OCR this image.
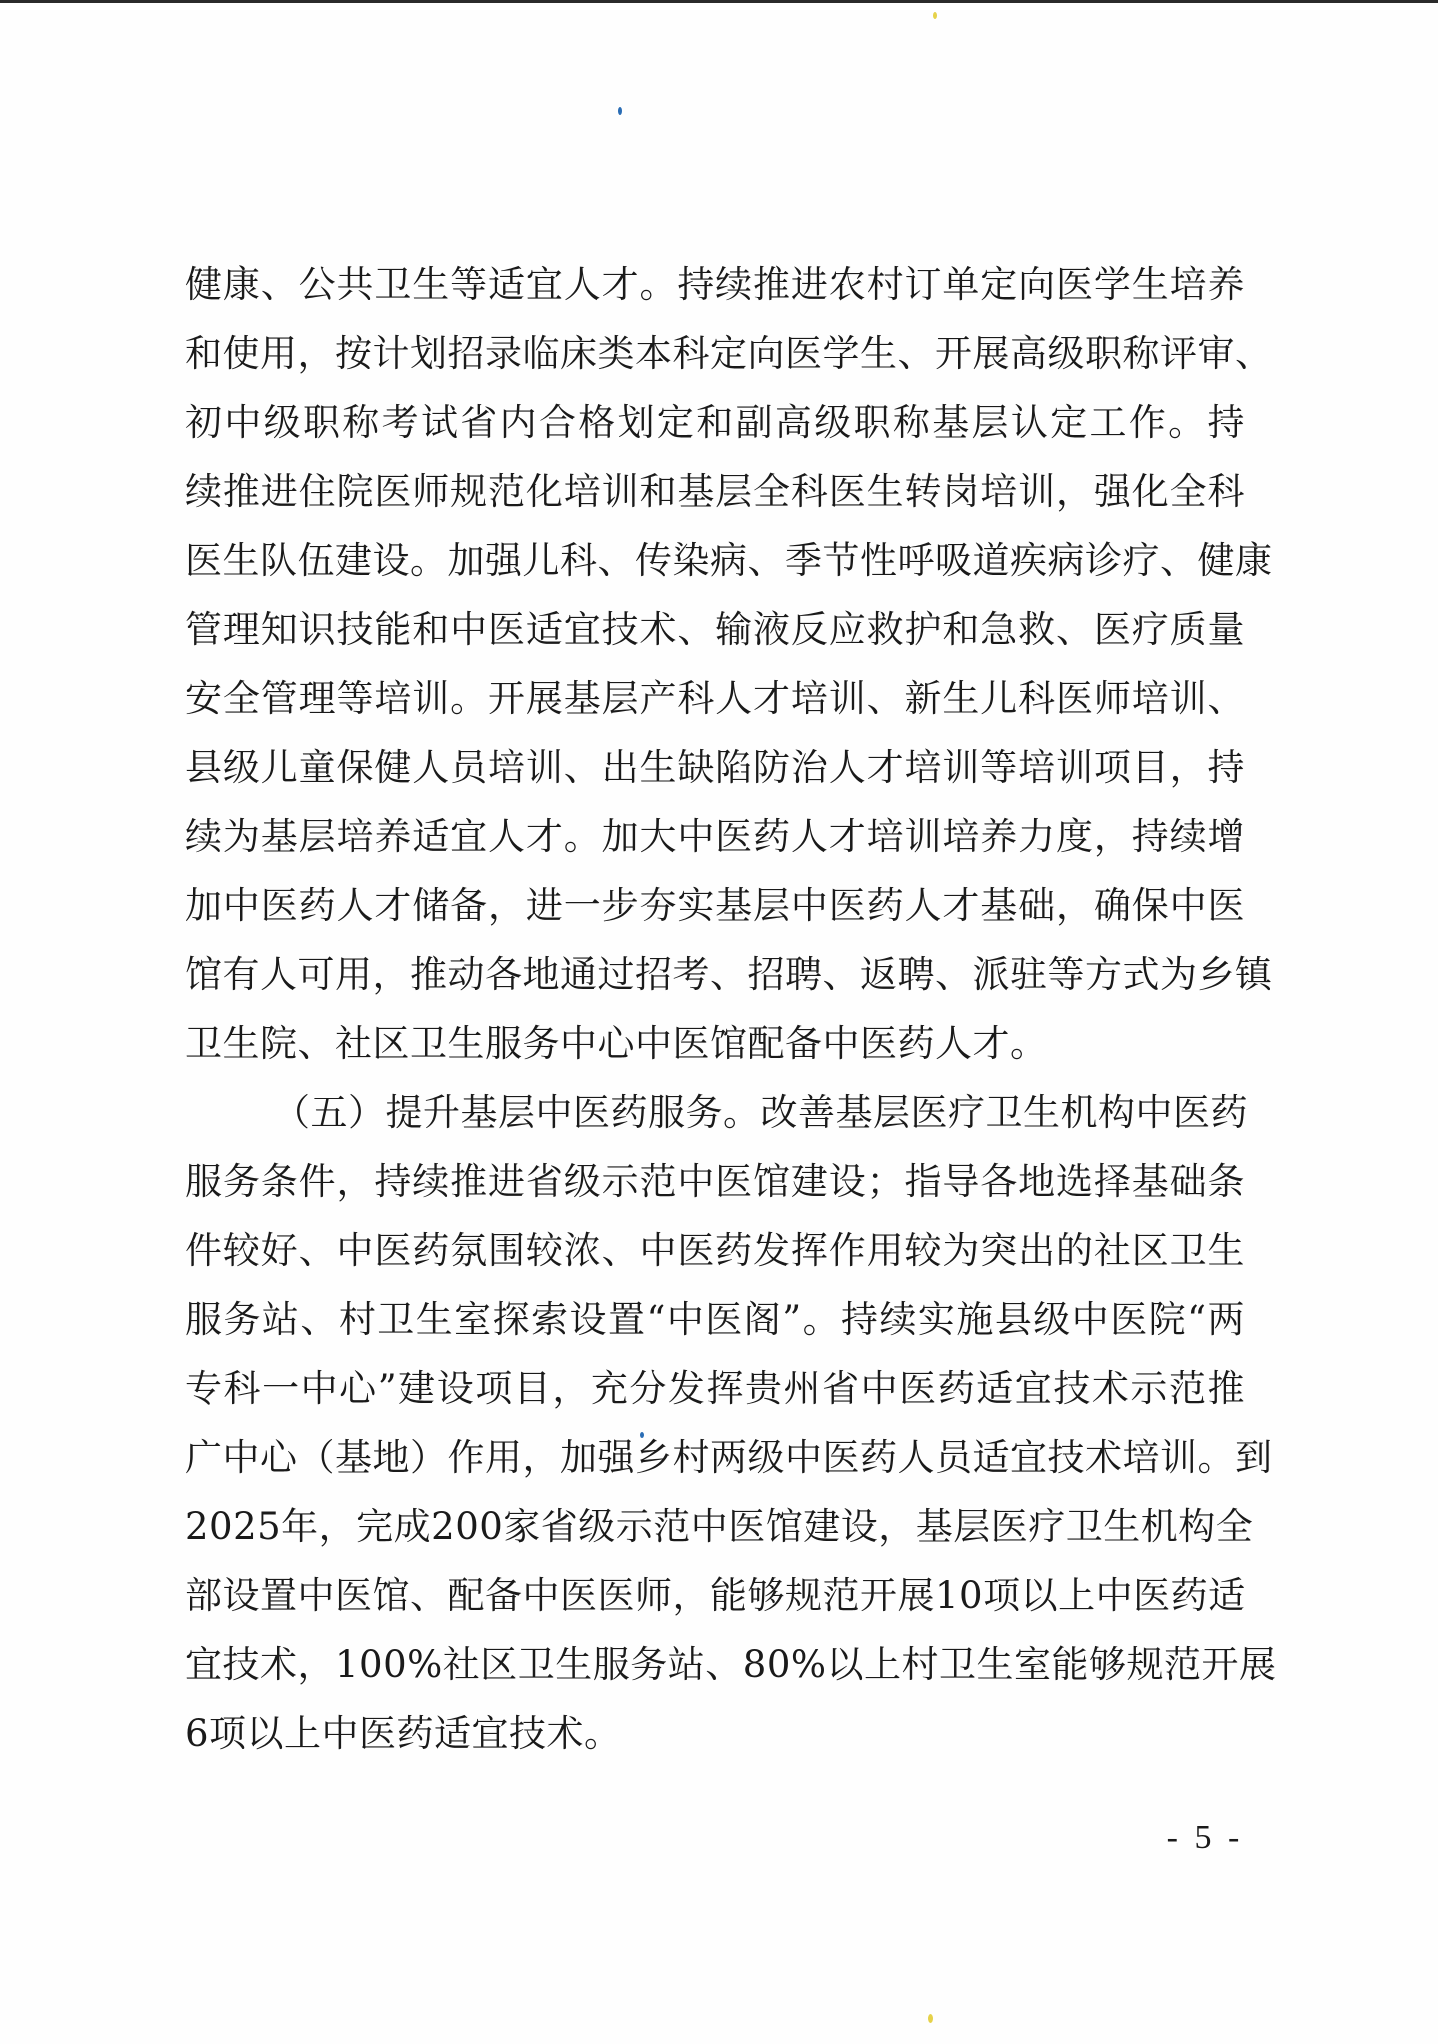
健康、公共卫生等适宜人才。持续推进农村订单定向医学生培养
和使用，按计划招录临床类本科定向医学生、开展高级职称评审、
初中级职称考试省内合格划定和副高级职称基层认定工作。持
续推进住院医师规范化培训和基层全科医生转岗培训，强化全科
医生队伍建设。加强儿科、传染病、季节性呼吸道疾病诊疗、健康
管理知识技能和中医适宜技术、输液反应救护和急救、医疗质量
安全管理等培训。开展基层产科人才培训、新生儿科医师培训、
县级儿童保健人员培训、出生缺陷防治人才培训等培训项目，持
续为基层培养适宜人才。加大中医药人才培训培养力度，持续增
加中医药人才储备，进一步夯实基层中医药人才基础，确保中医
馆有人可用，推动各地通过招考、招聘、返聘、派驻等方式为乡镇
卫生院、社区卫生服务中心中医馆配备中医药人才。
（五）提升基层中医药服务。改善基层医疗卫生机构中医药
服务条件，持续推进省级示范中医馆建设；指导各地选择基础条
件较好、中医药氛围较浓、中医药发挥作用较为突出的社区卫生
服务站、村卫生室探索设置“中医阁”。持续实施县级中医院“两
专科一中心”建设项目，充分发挥贵州省中医药适宜技术示范推
广中心（基地）作用，加强乡村两级中医药人员适宜技术培训。到
2025年，完成200家省级示范中医馆建设，基层医疗卫生机构全
部设置中医馆、配备中医医师，能够规范开展10项以上中医药适
宜技术，100%社区卫生服务站、80%以上村卫生室能够规范开展
6项以上中医药适宜技术。
- 5 -
